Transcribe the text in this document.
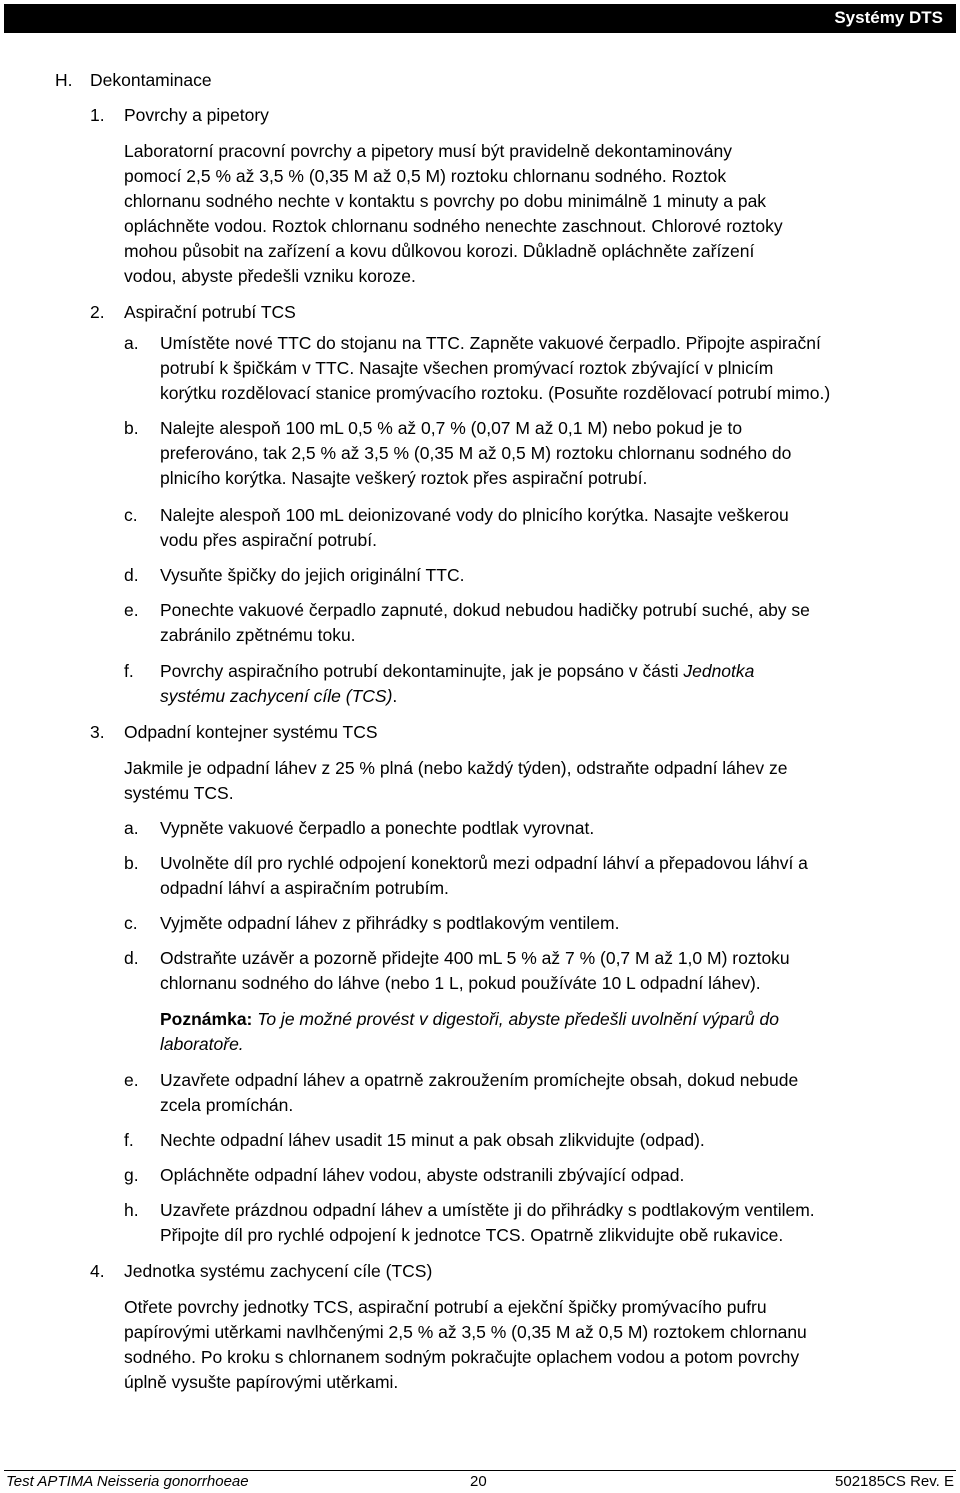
Systémy DTS
H. Dekontaminace
1. Povrchy a pipetory
Laboratorní pracovní povrchy a pipetory musí být pravidelně dekontaminovány
pomocí 2,5 % až 3,5 % (0,35 M až 0,5 M) roztoku chlornanu sodného. Roztok
chlornanu sodného nechte v kontaktu s povrchy po dobu minimálně 1 minuty a pak
opláchněte vodou. Roztok chlornanu sodného nenechte zaschnout. Chlorové roztoky
mohou působit na zařízení a kovu důlkovou korozi. Důkladně opláchněte zařízení
vodou, abyste předešli vzniku koroze.
2. Aspirační potrubí TCS
a. Umístěte nové TTC do stojanu na TTC. Zapněte vakuové čerpadlo. Připojte aspirační
potrubí k špičkám v TTC. Nasajte všechen promývací roztok zbývající v plnicím
korýtku rozdělovací stanice promývacího roztoku. (Posuňte rozdělovací potrubí mimo.)
b. Nalejte alespoň 100 mL 0,5 % až 0,7 % (0,07 M až 0,1 M) nebo pokud je to
preferováno, tak 2,5 % až 3,5 % (0,35 M až 0,5 M) roztoku chlornanu sodného do
plnicího korýtka. Nasajte veškerý roztok přes aspirační potrubí.
c. Nalejte alespoň 100 mL deionizované vody do plnicího korýtka. Nasajte veškerou
vodu přes aspirační potrubí.
d. Vysuňte špičky do jejich originální TTC.
e. Ponechte vakuové čerpadlo zapnuté, dokud nebudou hadičky potrubí suché, aby se
zabránilo zpětnému toku.
f. Povrchy aspiračního potrubí dekontaminujte, jak je popsáno v části Jednotka
systému zachycení cíle (TCS).
3. Odpadní kontejner systému TCS
Jakmile je odpadní láhev z 25 % plná (nebo každý týden), odstraňte odpadní láhev ze
systému TCS.
a. Vypněte vakuové čerpadlo a ponechte podtlak vyrovnat.
b. Uvolněte díl pro rychlé odpojení konektorů mezi odpadní láhví a přepadovou láhví a
odpadní láhví a aspiračním potrubím.
c. Vyjměte odpadní láhev z přihrádky s podtlakovým ventilem.
d. Odstraňte uzávěr a pozorně přidejte 400 mL 5 % až 7 % (0,7 M až 1,0 M) roztoku
chlornanu sodného do láhve (nebo 1 L, pokud používáte 10 L odpadní láhev).
Poznámka: To je možné provést v digestoři, abyste předešli uvolnění výparů do
laboratoře.
e. Uzavřete odpadní láhev a opatrně zakroužením promíchejte obsah, dokud nebude
zcela promíchán.
f. Nechte odpadní láhev usadit 15 minut a pak obsah zlikvidujte (odpad).
g. Opláchněte odpadní láhev vodou, abyste odstranili zbývající odpad.
h. Uzavřete prázdnou odpadní láhev a umístěte ji do přihrádky s podtlakovým ventilem.
Připojte díl pro rychlé odpojení k jednotce TCS. Opatrně zlikvidujte obě rukavice.
4. Jednotka systému zachycení cíle (TCS)
Otřete povrchy jednotky TCS, aspirační potrubí a ejekční špičky promývacího pufru
papírovými utěrkami navlhčenými 2,5 % až 3,5 % (0,35 M až 0,5 M) roztokem chlornanu
sodného. Po kroku s chlornanem sodným pokračujte oplachem vodou a potom povrchy
úplně vysušte papírovými utěrkami.
Test APTIMA Neisseria gonorrhoeae	20	502185CS Rev. E
